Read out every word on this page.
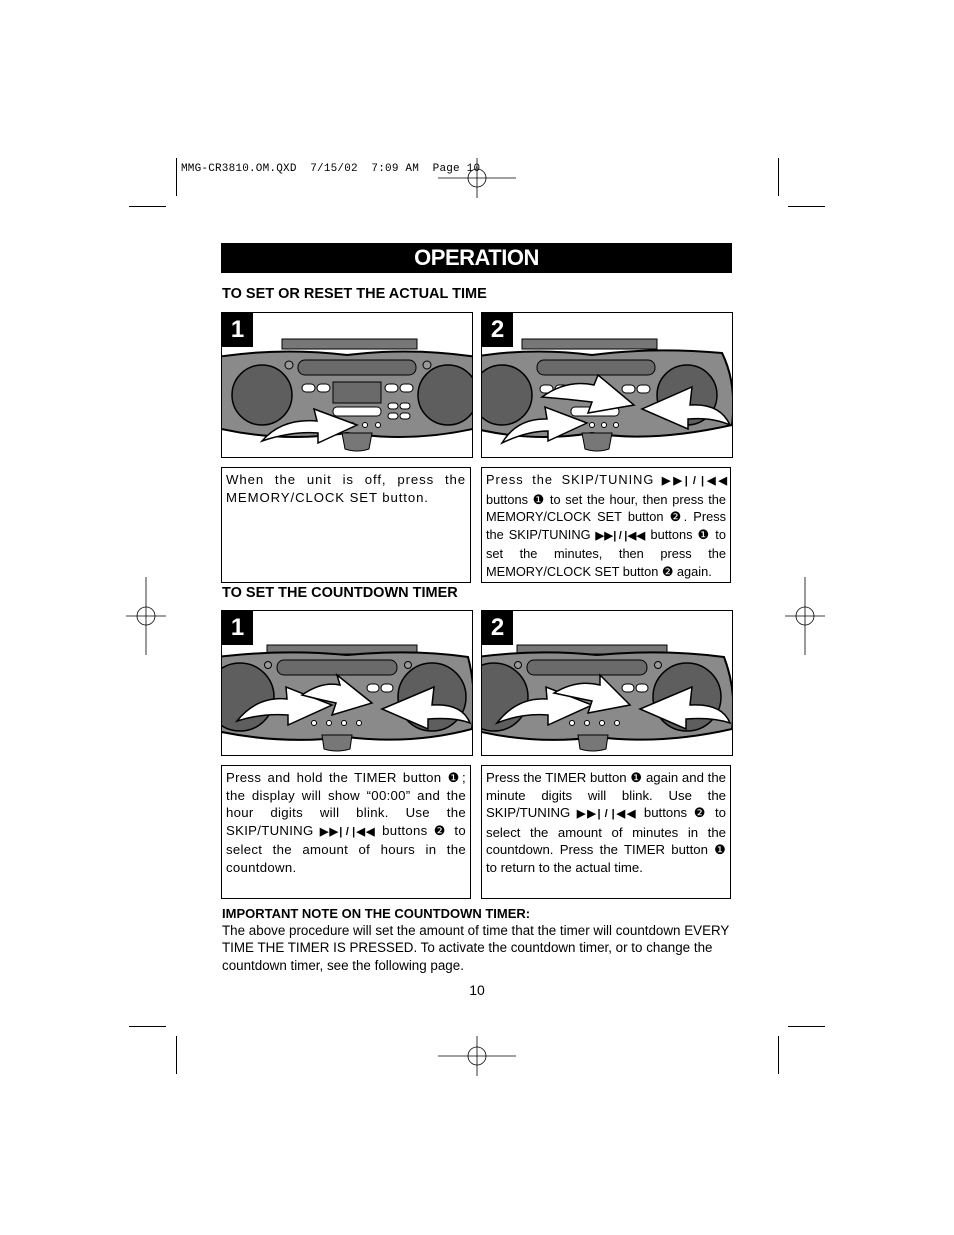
MMG-CR3810.OM.QXD  7/15/02  7:09 AM  Page 10
OPERATION
TO SET OR RESET THE ACTUAL TIME
1	2
When the unit is off, press the MEMORY/CLOCK SET button.
Press the SKIP/TUNING ▶▶| / |◀◀ buttons ❶ to set the hour, then press the MEMORY/CLOCK SET button ❷. Press the SKIP/TUNING ▶▶| / |◀◀ buttons ❶ to set the minutes, then press the MEMORY/CLOCK SET button ❷ again.
TO SET THE COUNTDOWN TIMER
1	2
Press and hold the TIMER button ❶; the display will show “00:00” and the hour digits will blink. Use the SKIP/TUNING ▶▶| / |◀◀ buttons ❷ to select the amount of hours in the countdown.
Press the TIMER button ❶ again and the minute digits will blink. Use the SKIP/TUNING ▶▶| / |◀◀ buttons ❷ to select the amount of minutes in the countdown. Press the TIMER button ❶ to return to the actual time.
IMPORTANT NOTE ON THE COUNTDOWN TIMER:
The above procedure will set the amount of time that the timer will countdown EVERY TIME THE TIMER IS PRESSED. To activate the countdown timer, or to change the countdown timer, see the following page.
10
